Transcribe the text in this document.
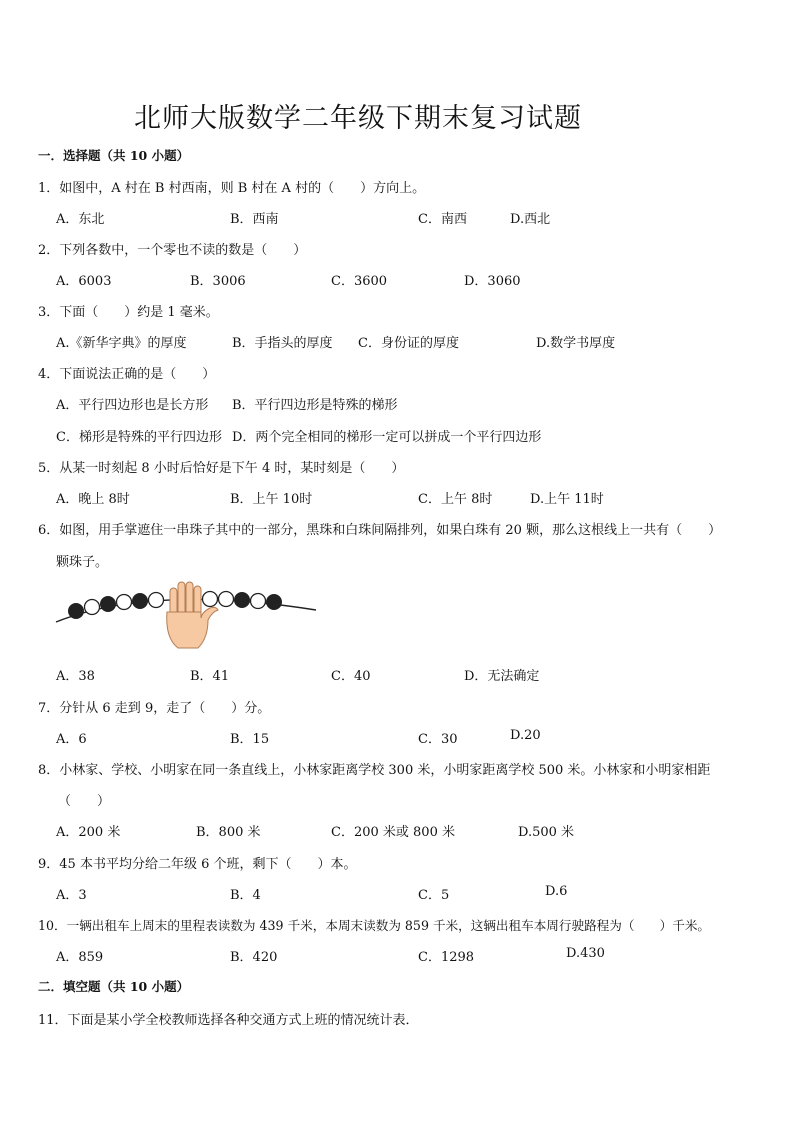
北师大版数学二年级下期末复习试题
一．选择题（共 10 小题）
1．如图中，A 村在 B 村西南，则 B 村在 A 村的（　　）方向上。
A．东北	B．西南	C．南西	D.西北
2．下列各数中，一个零也不读的数是（　　）
A．6003	B．3006	C．3600	D．3060
3．下面（　　）约是 1 毫米。
A.《新华字典》的厚度	B．手指头的厚度 C．身份证的厚度	D.数学书厚度
4．下面说法正确的是（　　）
A．平行四边形也是长方形 B．平行四边形是特殊的梯形
C．梯形是特殊的平行四边形 D．两个完全相同的梯形一定可以拼成一个平行四边形
5．从某一时刻起 8 小时后恰好是下午 4 时，某时刻是（　　）
A．晚上 8时	B．上午 10时	C．上午 8时	D.上午 11时
6．如图，用手掌遮住一串珠子其中的一部分，黑珠和白珠间隔排列，如果白珠有 20 颗，那么这根线上一共有（　　）
颗珠子。
A．38	B．41	C．40	D．无法确定
7．分针从 6 走到 9，走了（　　）分。
A．6	B．15	C．30	D.20
8．小林家、学校、小明家在同一条直线上，小林家距离学校 300 米，小明家距离学校 500 米。小林家和小明家相距
（　　）
A．200 米	B．800 米	C．200 米或 800 米	D.500 米
9．45 本书平均分给二年级 6 个班，剩下（　　）本。
A．3	B．4	C．5	D.6
10．一辆出租车上周末的里程表读数为 439 千米，本周末读数为 859 千米，这辆出租车本周行驶路程为（　　）千米。
A．859	B．420	C．1298	D.430
二．填空题（共 10 小题）
11．下面是某小学全校教师选择各种交通方式上班的情况统计表．
